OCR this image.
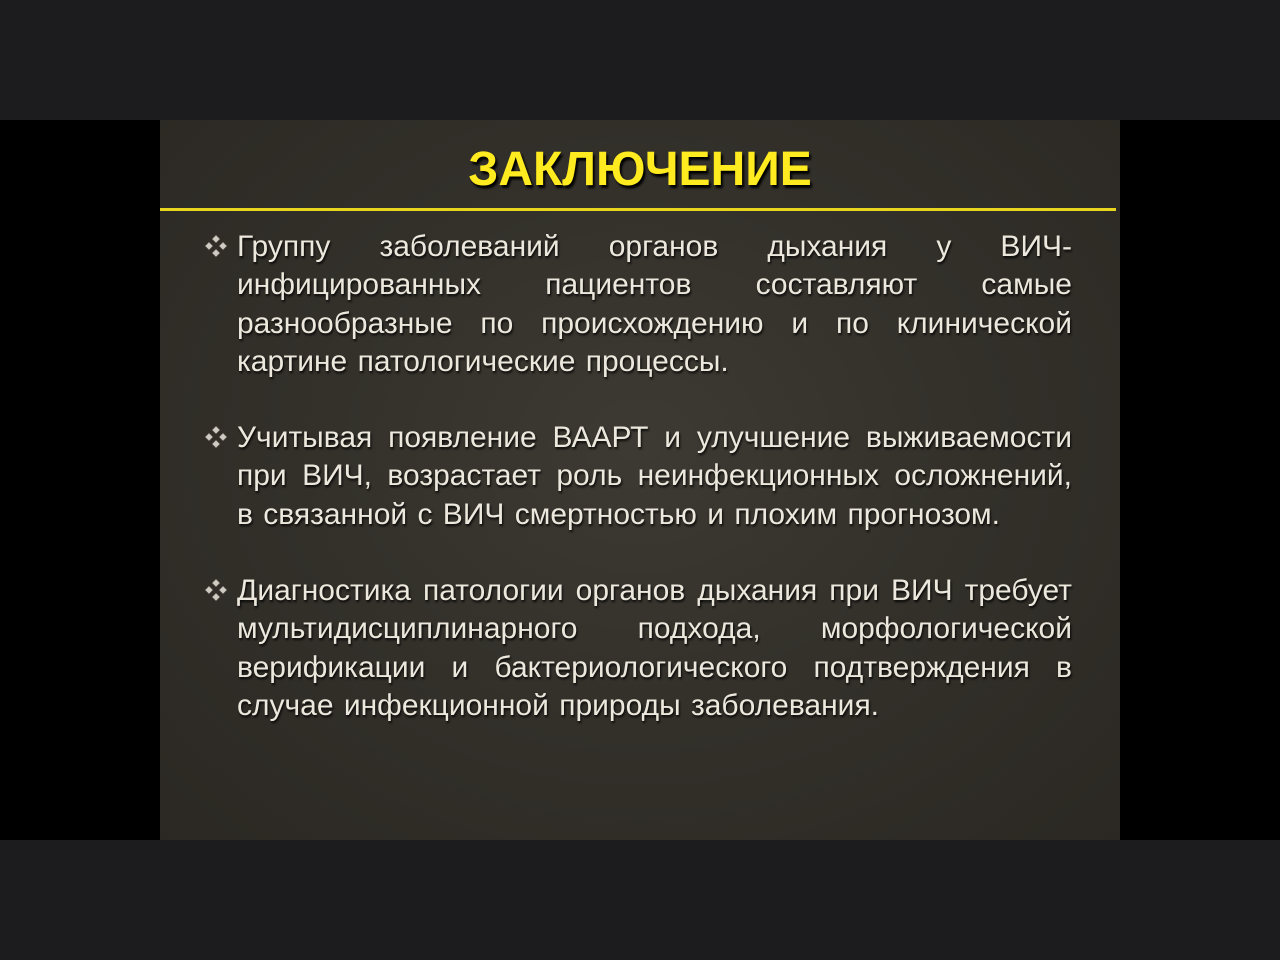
ЗАКЛЮЧЕНИЕ
Группу заболеваний органов дыхания у ВИЧ-инфицированных пациентов составляют самые разнообразные по происхождению и по клинической картине патологические процессы.
Учитывая появление ВААРТ и улучшение выживаемости при ВИЧ, возрастает роль неинфекционных осложнений, в связанной с ВИЧ смертностью и плохим прогнозом.
Диагностика патологии органов дыхания при ВИЧ требует мультидисциплинарного подхода, морфологической верификации и бактериологического подтверждения в случае инфекционной природы заболевания.
